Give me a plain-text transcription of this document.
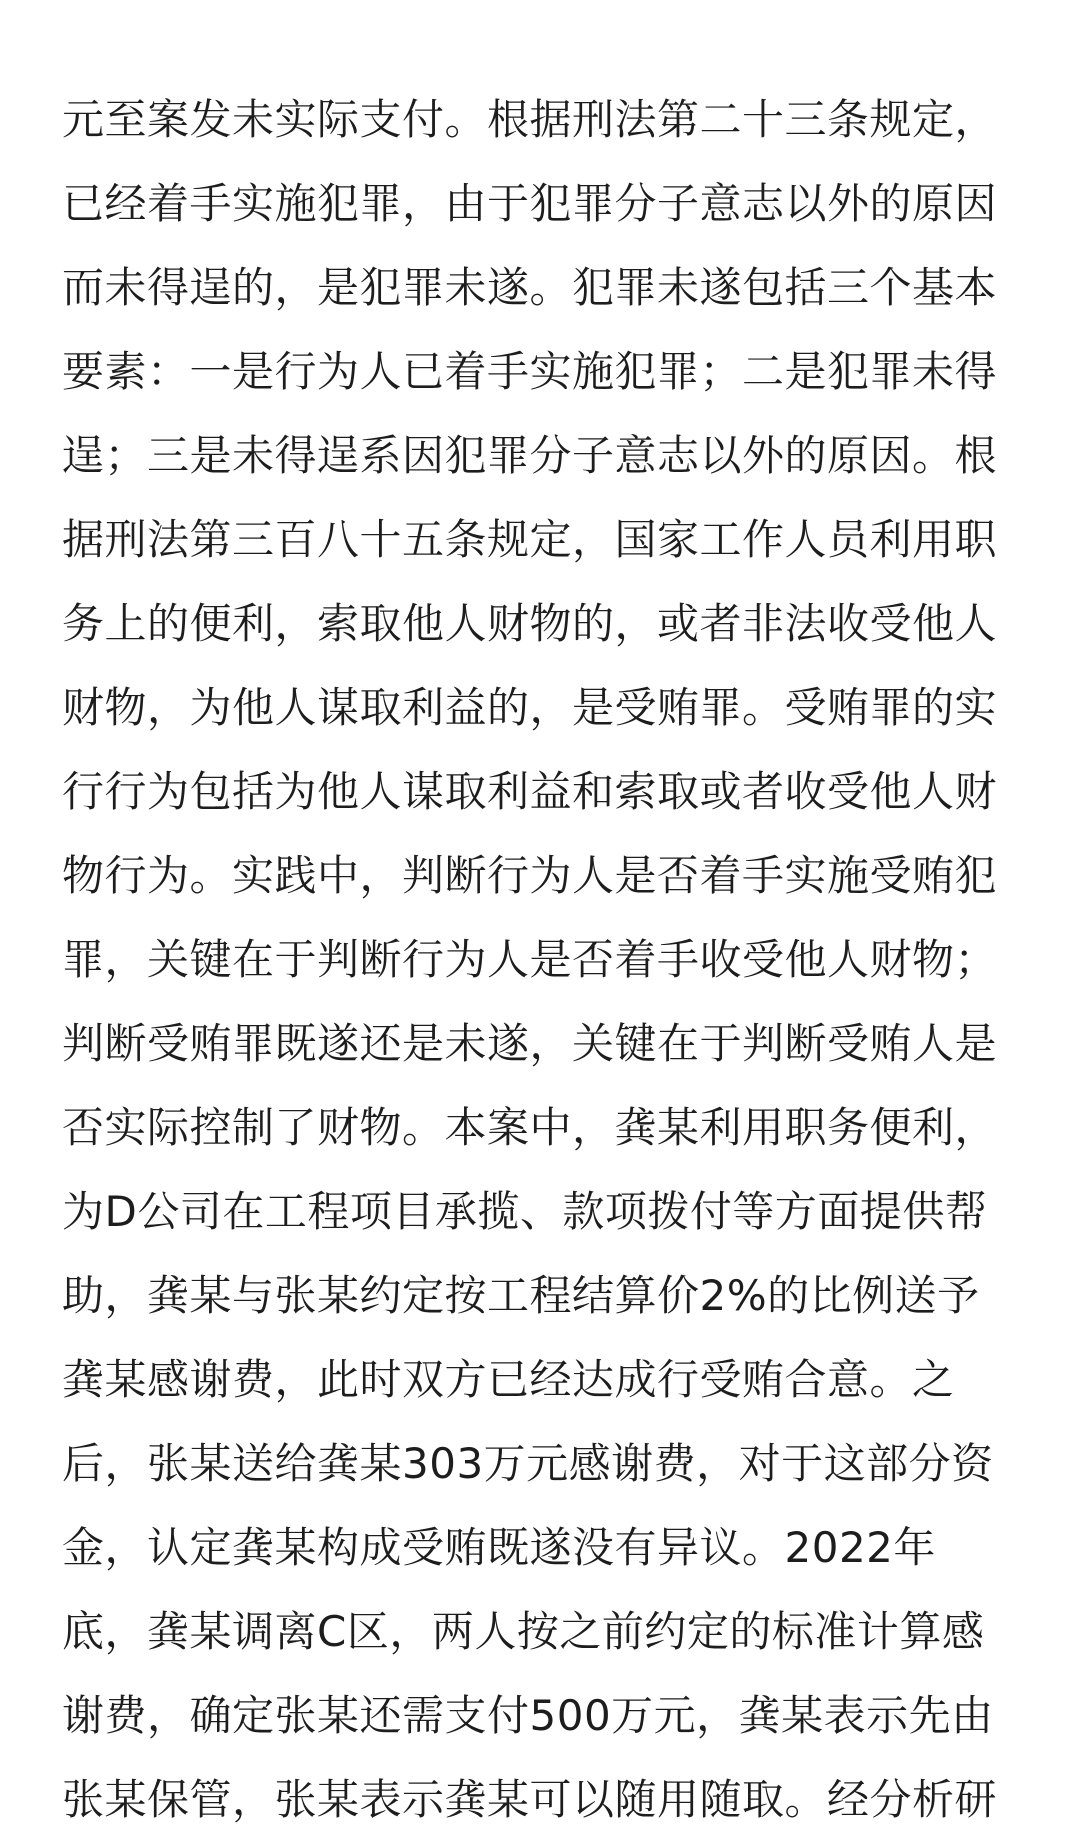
元至案发未实际支付。根据刑法第二十三条规定，
已经着手实施犯罪，由于犯罪分子意志以外的原因
而未得逞的，是犯罪未遂。犯罪未遂包括三个基本
要素：一是行为人已着手实施犯罪；二是犯罪未得
逞；三是未得逞系因犯罪分子意志以外的原因。根
据刑法第三百八十五条规定，国家工作人员利用职
务上的便利，索取他人财物的，或者非法收受他人
财物，为他人谋取利益的，是受贿罪。受贿罪的实
行行为包括为他人谋取利益和索取或者收受他人财
物行为。实践中，判断行为人是否着手实施受贿犯
罪，关键在于判断行为人是否着手收受他人财物；
判断受贿罪既遂还是未遂，关键在于判断受贿人是
否实际控制了财物。本案中，龚某利用职务便利，
为D公司在工程项目承揽、款项拨付等方面提供帮
助，龚某与张某约定按工程结算价2%的比例送予
龚某感谢费，此时双方已经达成行受贿合意。之
后，张某送给龚某303万元感谢费，对于这部分资
金，认定龚某构成受贿既遂没有异议。2022年
底，龚某调离C区，两人按之前约定的标准计算感
谢费，确定张某还需支付500万元，龚某表示先由
张某保管，张某表示龚某可以随用随取。经分析研
